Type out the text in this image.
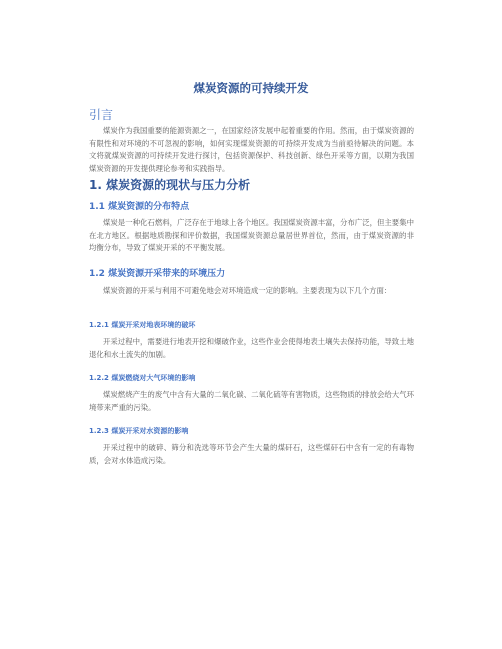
煤炭资源的可持续开发
引言

煤炭作为我国重要的能源资源之一，在国家经济发展中起着重要的作用。然而，由于煤炭资源的有限性和对环境的不可忽视的影响，如何实现煤炭资源的可持续开发成为当前亟待解决的问题。本文将就煤炭资源的可持续开发进行探讨，包括资源保护、科技创新、绿色开采等方面，以期为我国煤炭资源的开发提供理论参考和实践指导。

1. 煤炭资源的现状与压力分析
1.1 煤炭资源的分布特点

煤炭是一种化石燃料，广泛存在于地球上各个地区。我国煤炭资源丰富，分布广泛，但主要集中在北方地区。根据地质勘探和评价数据，我国煤炭资源总量居世界首位，然而，由于煤炭资源的非均衡分布，导致了煤炭开采的不平衡发展。

1.2 煤炭资源开采带来的环境压力

煤炭资源的开采与利用不可避免地会对环境造成一定的影响。主要表现为以下几个方面：

1.2.1 煤炭开采对地表环境的破坏

开采过程中，需要进行地表开挖和爆破作业，这些作业会使得地表土壤失去保持功能，导致土地退化和水土流失的加剧。

1.2.2 煤炭燃烧对大气环境的影响

煤炭燃烧产生的废气中含有大量的二氧化碳、二氧化硫等有害物质，这些物质的排放会给大气环境带来严重的污染。

1.2.3 煤炭开采对水资源的影响

开采过程中的破碎、筛分和洗选等环节会产生大量的煤矸石，这些煤矸石中含有一定的有毒物质，会对水体造成污染。
